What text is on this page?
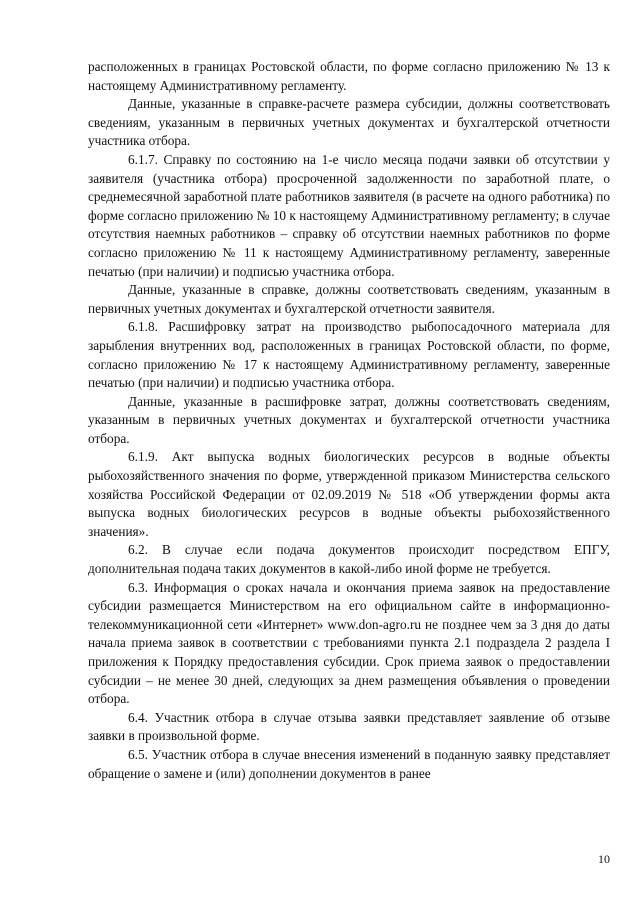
расположенных в границах Ростовской области, по форме согласно приложению № 13 к настоящему Административному регламенту.

Данные, указанные в справке-расчете размера субсидии, должны соответствовать сведениям, указанным в первичных учетных документах и бухгалтерской отчетности участника отбора.

6.1.7. Справку по состоянию на 1-е число месяца подачи заявки об отсутствии у заявителя (участника отбора) просроченной задолженности по заработной плате, о среднемесячной заработной плате работников заявителя (в расчете на одного работника) по форме согласно приложению № 10 к настоящему Административному регламенту; в случае отсутствия наемных работников – справку об отсутствии наемных работников по форме согласно приложению № 11 к настоящему Административному регламенту, заверенные печатью (при наличии) и подписью участника отбора.

Данные, указанные в справке, должны соответствовать сведениям, указанным в первичных учетных документах и бухгалтерской отчетности заявителя.

6.1.8. Расшифровку затрат на производство рыбопосадочного материала для зарыбления внутренних вод, расположенных в границах Ростовской области, по форме, согласно приложению № 17 к настоящему Административному регламенту, заверенные печатью (при наличии) и подписью участника отбора.

Данные, указанные в расшифровке затрат, должны соответствовать сведениям, указанным в первичных учетных документах и бухгалтерской отчетности участника отбора.

6.1.9. Акт выпуска водных биологических ресурсов в водные объекты рыбохозяйственного значения по форме, утвержденной приказом Министерства сельского хозяйства Российской Федерации от 02.09.2019 № 518 «Об утверждении формы акта выпуска водных биологических ресурсов в водные объекты рыбохозяйственного значения».

6.2. В случае если подача документов происходит посредством ЕПГУ, дополнительная подача таких документов в какой-либо иной форме не требуется.

6.3. Информация о сроках начала и окончания приема заявок на предоставление субсидии размещается Министерством на его официальном сайте в информационно-телекоммуникационной сети «Интернет» www.don-agro.ru не позднее чем за 3 дня до даты начала приема заявок в соответствии с требованиями пункта 2.1 подраздела 2 раздела I приложения к Порядку предоставления субсидии. Срок приема заявок о предоставлении субсидии – не менее 30 дней, следующих за днем размещения объявления о проведении отбора.

6.4. Участник отбора в случае отзыва заявки представляет заявление об отзыве заявки в произвольной форме.

6.5. Участник отбора в случае внесения изменений в поданную заявку представляет обращение о замене и (или) дополнении документов в ранее

10
